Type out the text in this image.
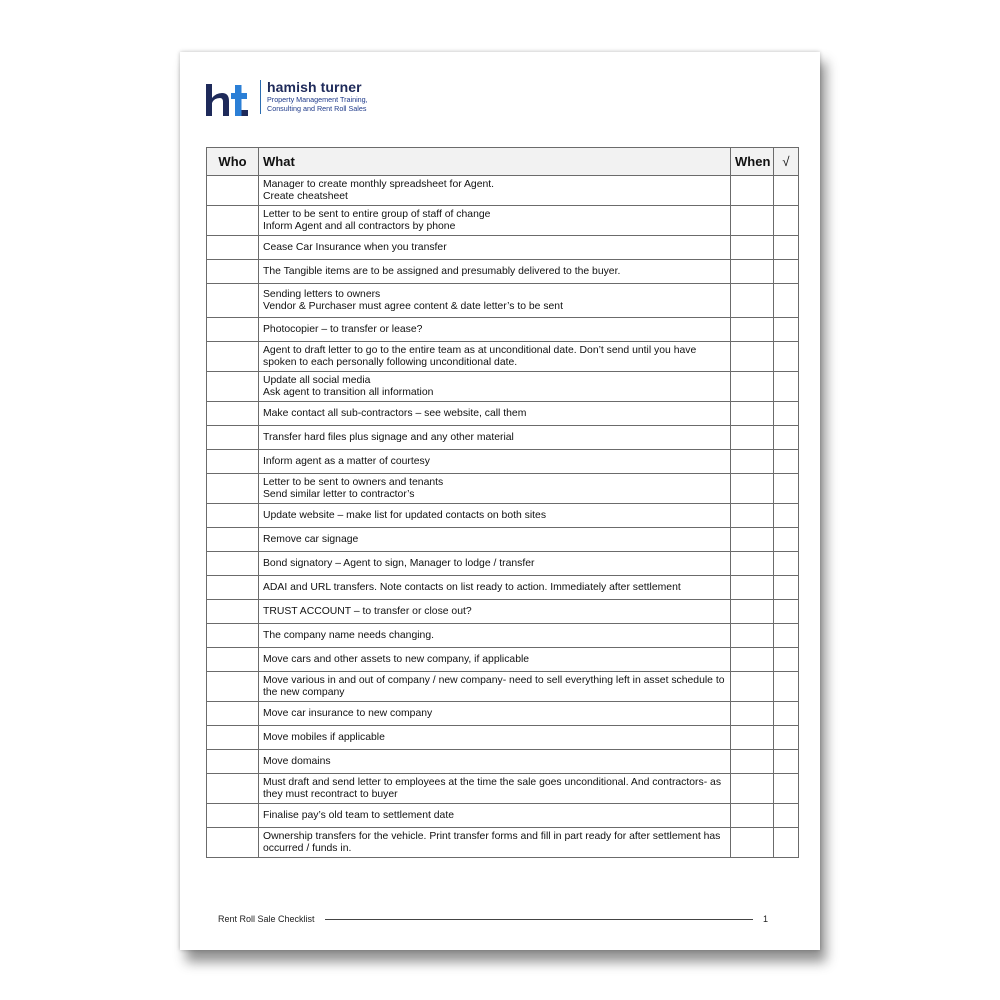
hamish turner
Property Management Training,
Consulting and Rent Roll Sales
Who	What	When	√

	Manager to create monthly spreadsheet for Agent.
Create cheatsheet		

	Letter to be sent to entire group of staff of change
Inform Agent and all contractors by phone		

	Cease Car Insurance when you transfer		

	The Tangible items are to be assigned and presumably delivered to the buyer.		

	Sending letters to owners
Vendor & Purchaser must agree content & date letter’s to be sent		

	Photocopier – to transfer or lease?		

	Agent to draft letter to go to the entire team as at unconditional date. Don’t send until you have spoken to each personally following unconditional date.		

	Update all social media
Ask agent to transition all information		

	Make contact all sub-contractors – see website, call them		

	Transfer hard files plus signage and any other material		

	Inform agent as a matter of courtesy		

	Letter to be sent to owners and tenants
Send similar letter to contractor’s		

	Update website – make list for updated contacts on both sites		

	Remove car signage		

	Bond signatory – Agent to sign, Manager to lodge / transfer		

	ADAI and URL transfers. Note contacts on list ready to action. Immediately after settlement		

	TRUST ACCOUNT – to transfer or close out?		

	The company name needs changing.		

	Move cars and other assets to new company, if applicable		

	Move various in and out of company / new company- need to sell everything left in asset schedule to the new company		

	Move car insurance to new company		

	Move mobiles if applicable		

	Move domains		

	Must draft and send letter to employees at the time the sale goes unconditional. And contractors- as they must recontract to buyer		

	Finalise pay’s old team to settlement date		

	Ownership transfers for the vehicle. Print transfer forms and fill in part ready for after settlement has occurred / funds in.		

Rent Roll Sale Checklist	1
